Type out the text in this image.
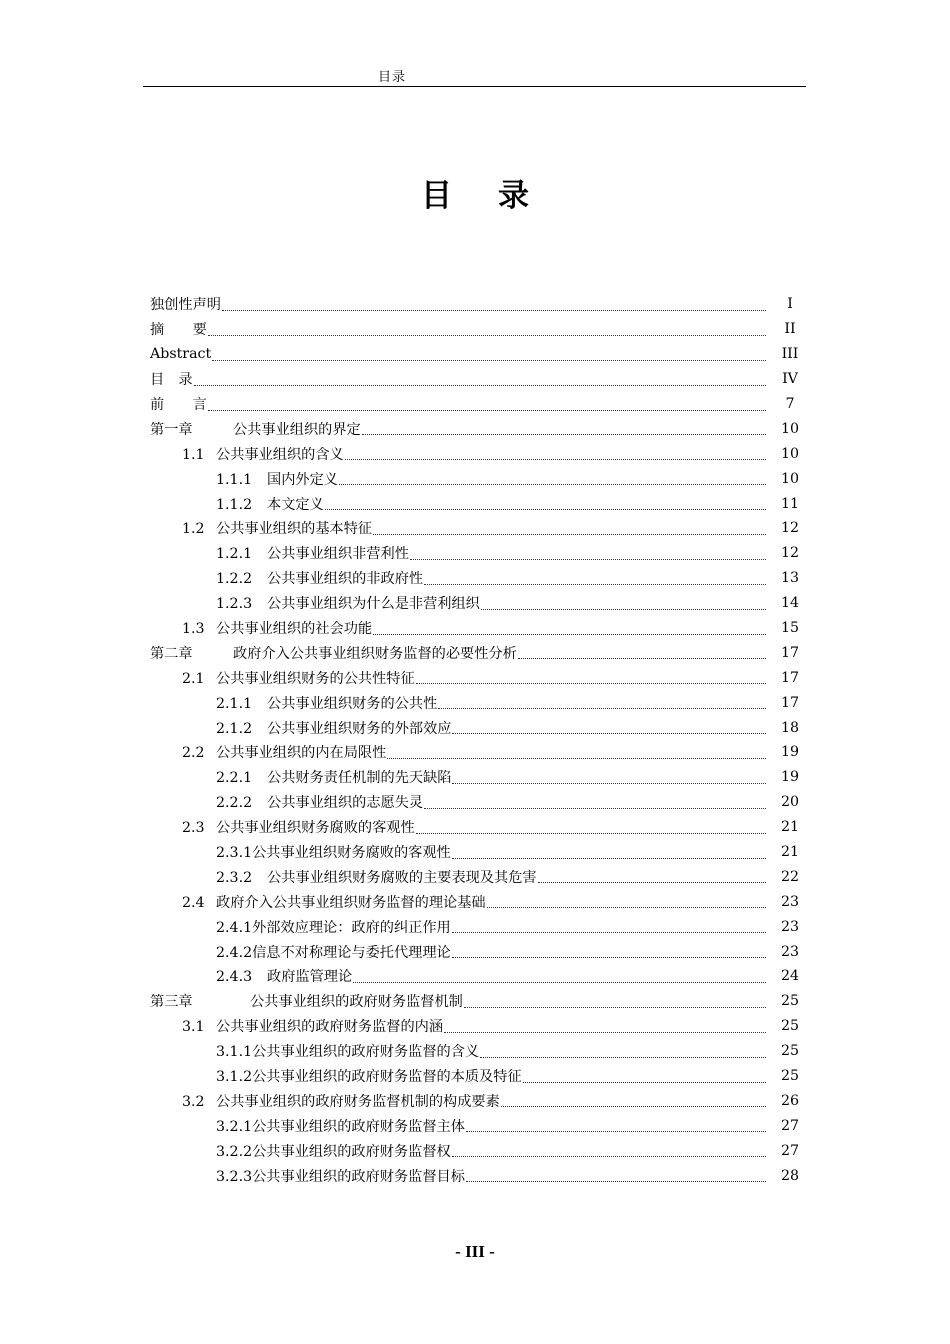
目录
目 录
独创性声明	I
摘　　要	II
Abstract	III
目　录	IV
前　　言	7
第一章	公共事业组织的界定	10
1.1 公共事业组织的含义	10
1.1.1 国内外定义	10
1.1.2 本文定义	11
1.2 公共事业组织的基本特征	12
1.2.1 公共事业组织非营利性	12
1.2.2 公共事业组织的非政府性	13
1.2.3 公共事业组织为什么是非营利组织	14
1.3 公共事业组织的社会功能	15
第二章	政府介入公共事业组织财务监督的必要性分析	17
2.1 公共事业组织财务的公共性特征	17
2.1.1 公共事业组织财务的公共性	17
2.1.2 公共事业组织财务的外部效应	18
2.2 公共事业组织的内在局限性	19
2.2.1 公共财务责任机制的先天缺陷	19
2.2.2 公共事业组织的志愿失灵	20
2.3 公共事业组织财务腐败的客观性	21
2.3.1公共事业组织财务腐败的客观性	21
2.3.2 公共事业组织财务腐败的主要表现及其危害	22
2.4 政府介入公共事业组织财务监督的理论基础	23
2.4.1外部效应理论：政府的纠正作用	23
2.4.2信息不对称理论与委托代理理论	23
2.4.3 政府监管理论	24
第三章	公共事业组织的政府财务监督机制	25
3.1 公共事业组织的政府财务监督的内涵	25
3.1.1公共事业组织的政府财务监督的含义	25
3.1.2公共事业组织的政府财务监督的本质及特征	25
3.2 公共事业组织的政府财务监督机制的构成要素	26
3.2.1公共事业组织的政府财务监督主体	27
3.2.2公共事业组织的政府财务监督权	27
3.2.3公共事业组织的政府财务监督目标	28
- III -
